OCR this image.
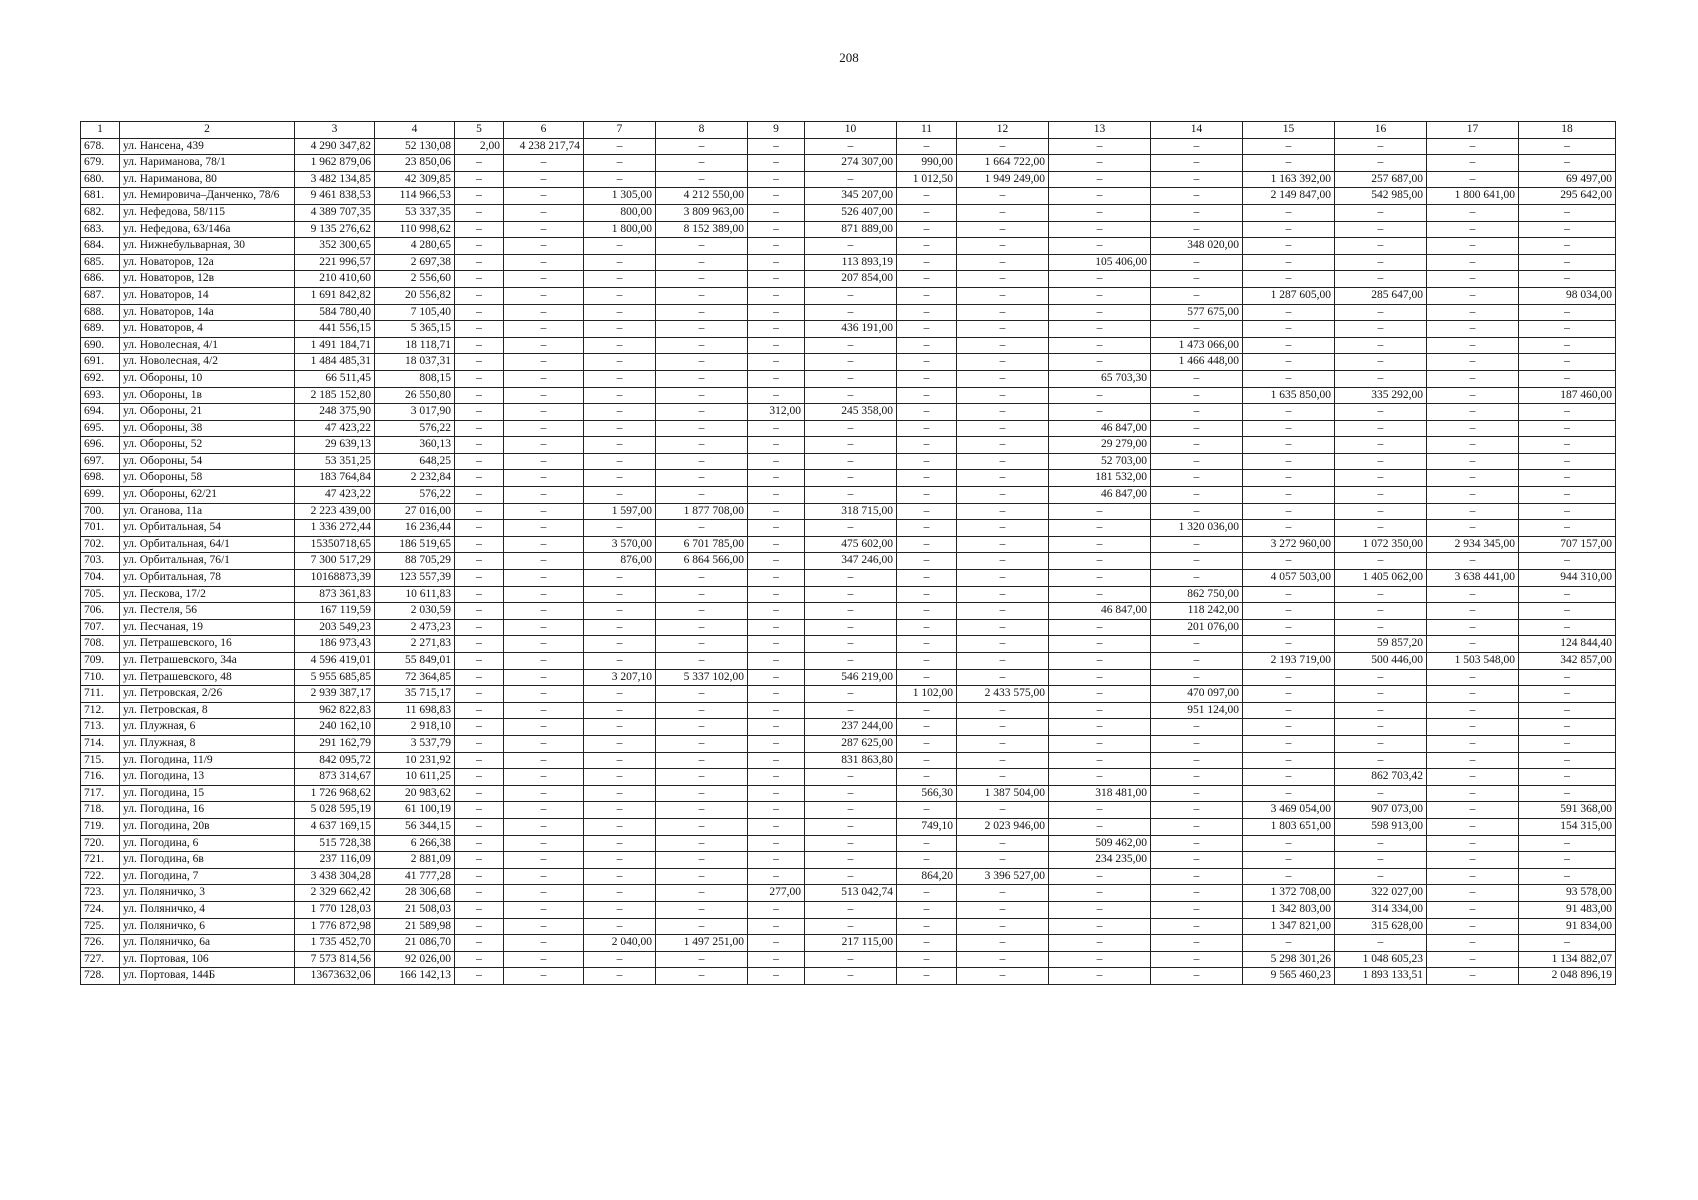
208
1	2	3	4	5	6	7	8	9	10	11	12	13	14	15	16	17	18
678.	ул. Нансена, 439	4 290 347,82	52 130,08	2,00	4 238 217,74	–	–	–	–	–	–	–	–	–	–	–	–
679.	ул. Нариманова, 78/1	1 962 879,06	23 850,06	–	–	–	–	–	274 307,00	990,00	1 664 722,00	–	–	–	–	–	–
680.	ул. Нариманова, 80	3 482 134,85	42 309,85	–	–	–	–	–	–	1 012,50	1 949 249,00	–	–	1 163 392,00	257 687,00	–	69 497,00
681.	ул. Немировича–Данченко, 78/6	9 461 838,53	114 966,53	–	–	1 305,00	4 212 550,00	–	345 207,00	–	–	–	–	2 149 847,00	542 985,00	1 800 641,00	295 642,00
682.	ул. Нефедова, 58/115	4 389 707,35	53 337,35	–	–	800,00	3 809 963,00	–	526 407,00	–	–	–	–	–	–	–	–
683.	ул. Нефедова, 63/146а	9 135 276,62	110 998,62	–	–	1 800,00	8 152 389,00	–	871 889,00	–	–	–	–	–	–	–	–
684.	ул. Нижнебульварная, 30	352 300,65	4 280,65	–	–	–	–	–	–	–	–	–	348 020,00	–	–	–	–
685.	ул. Новаторов, 12а	221 996,57	2 697,38	–	–	–	–	–	113 893,19	–	–	105 406,00	–	–	–	–	–
686.	ул. Новаторов, 12в	210 410,60	2 556,60	–	–	–	–	–	207 854,00	–	–	–	–	–	–	–	–
687.	ул. Новаторов, 14	1 691 842,82	20 556,82	–	–	–	–	–	–	–	–	–	–	1 287 605,00	285 647,00	–	98 034,00
688.	ул. Новаторов, 14а	584 780,40	7 105,40	–	–	–	–	–	–	–	–	–	577 675,00	–	–	–	–
689.	ул. Новаторов, 4	441 556,15	5 365,15	–	–	–	–	–	436 191,00	–	–	–	–	–	–	–	–
690.	ул. Новолесная, 4/1	1 491 184,71	18 118,71	–	–	–	–	–	–	–	–	–	1 473 066,00	–	–	–	–
691.	ул. Новолесная, 4/2	1 484 485,31	18 037,31	–	–	–	–	–	–	–	–	–	1 466 448,00	–	–	–	–
692.	ул. Обороны, 10	66 511,45	808,15	–	–	–	–	–	–	–	–	65 703,30	–	–	–	–	–
693.	ул. Обороны, 1в	2 185 152,80	26 550,80	–	–	–	–	–	–	–	–	–	–	1 635 850,00	335 292,00	–	187 460,00
694.	ул. Обороны, 21	248 375,90	3 017,90	–	–	–	–	312,00	245 358,00	–	–	–	–	–	–	–	–
695.	ул. Обороны, 38	47 423,22	576,22	–	–	–	–	–	–	–	–	46 847,00	–	–	–	–	–
696.	ул. Обороны, 52	29 639,13	360,13	–	–	–	–	–	–	–	–	29 279,00	–	–	–	–	–
697.	ул. Обороны, 54	53 351,25	648,25	–	–	–	–	–	–	–	–	52 703,00	–	–	–	–	–
698.	ул. Обороны, 58	183 764,84	2 232,84	–	–	–	–	–	–	–	–	181 532,00	–	–	–	–	–
699.	ул. Обороны, 62/21	47 423,22	576,22	–	–	–	–	–	–	–	–	46 847,00	–	–	–	–	–
700.	ул. Оганова, 11а	2 223 439,00	27 016,00	–	–	1 597,00	1 877 708,00	–	318 715,00	–	–	–	–	–	–	–	–
701.	ул. Орбитальная, 54	1 336 272,44	16 236,44	–	–	–	–	–	–	–	–	–	1 320 036,00	–	–	–	–
702.	ул. Орбитальная, 64/1	15350718,65	186 519,65	–	–	3 570,00	6 701 785,00	–	475 602,00	–	–	–	–	3 272 960,00	1 072 350,00	2 934 345,00	707 157,00
703.	ул. Орбитальная, 76/1	7 300 517,29	88 705,29	–	–	876,00	6 864 566,00	–	347 246,00	–	–	–	–	–	–	–	–
704.	ул. Орбитальная, 78	10168873,39	123 557,39	–	–	–	–	–	–	–	–	–	–	4 057 503,00	1 405 062,00	3 638 441,00	944 310,00
705.	ул. Пескова, 17/2	873 361,83	10 611,83	–	–	–	–	–	–	–	–	–	862 750,00	–	–	–	–
706.	ул. Пестеля, 56	167 119,59	2 030,59	–	–	–	–	–	–	–	–	46 847,00	118 242,00	–	–	–	–
707.	ул. Песчаная, 19	203 549,23	2 473,23	–	–	–	–	–	–	–	–	–	201 076,00	–	–	–	–
708.	ул. Петрашевского, 16	186 973,43	2 271,83	–	–	–	–	–	–	–	–	–	–	–	59 857,20	–	124 844,40
709.	ул. Петрашевского, 34а	4 596 419,01	55 849,01	–	–	–	–	–	–	–	–	–	–	2 193 719,00	500 446,00	1 503 548,00	342 857,00
710.	ул. Петрашевского, 48	5 955 685,85	72 364,85	–	–	3 207,10	5 337 102,00	–	546 219,00	–	–	–	–	–	–	–	–
711.	ул. Петровская, 2/26	2 939 387,17	35 715,17	–	–	–	–	–	–	1 102,00	2 433 575,00	–	470 097,00	–	–	–	–
712.	ул. Петровская, 8	962 822,83	11 698,83	–	–	–	–	–	–	–	–	–	951 124,00	–	–	–	–
713.	ул. Плужная, 6	240 162,10	2 918,10	–	–	–	–	–	237 244,00	–	–	–	–	–	–	–	–
714.	ул. Плужная, 8	291 162,79	3 537,79	–	–	–	–	–	287 625,00	–	–	–	–	–	–	–	–
715.	ул. Погодина, 11/9	842 095,72	10 231,92	–	–	–	–	–	831 863,80	–	–	–	–	–	–	–	–
716.	ул. Погодина, 13	873 314,67	10 611,25	–	–	–	–	–	–	–	–	–	–	–	862 703,42	–	–
717.	ул. Погодина, 15	1 726 968,62	20 983,62	–	–	–	–	–	–	566,30	1 387 504,00	318 481,00	–	–	–	–	–
718.	ул. Погодина, 16	5 028 595,19	61 100,19	–	–	–	–	–	–	–	–	–	–	3 469 054,00	907 073,00	–	591 368,00
719.	ул. Погодина, 20в	4 637 169,15	56 344,15	–	–	–	–	–	–	749,10	2 023 946,00	–	–	1 803 651,00	598 913,00	–	154 315,00
720.	ул. Погодина, 6	515 728,38	6 266,38	–	–	–	–	–	–	–	–	509 462,00	–	–	–	–	–
721.	ул. Погодина, 6в	237 116,09	2 881,09	–	–	–	–	–	–	–	–	234 235,00	–	–	–	–	–
722.	ул. Погодина, 7	3 438 304,28	41 777,28	–	–	–	–	–	–	864,20	3 396 527,00	–	–	–	–	–	–
723.	ул. Поляничко, 3	2 329 662,42	28 306,68	–	–	–	–	277,00	513 042,74	–	–	–	–	1 372 708,00	322 027,00	–	93 578,00
724.	ул. Поляничко, 4	1 770 128,03	21 508,03	–	–	–	–	–	–	–	–	–	–	1 342 803,00	314 334,00	–	91 483,00
725.	ул. Поляничко, 6	1 776 872,98	21 589,98	–	–	–	–	–	–	–	–	–	–	1 347 821,00	315 628,00	–	91 834,00
726.	ул. Поляничко, 6а	1 735 452,70	21 086,70	–	–	2 040,00	1 497 251,00	–	217 115,00	–	–	–	–	–	–	–	–
727.	ул. Портовая, 106	7 573 814,56	92 026,00	–	–	–	–	–	–	–	–	–	–	5 298 301,26	1 048 605,23	–	1 134 882,07
728.	ул. Портовая, 144Б	13673632,06	166 142,13	–	–	–	–	–	–	–	–	–	–	9 565 460,23	1 893 133,51	–	2 048 896,19
